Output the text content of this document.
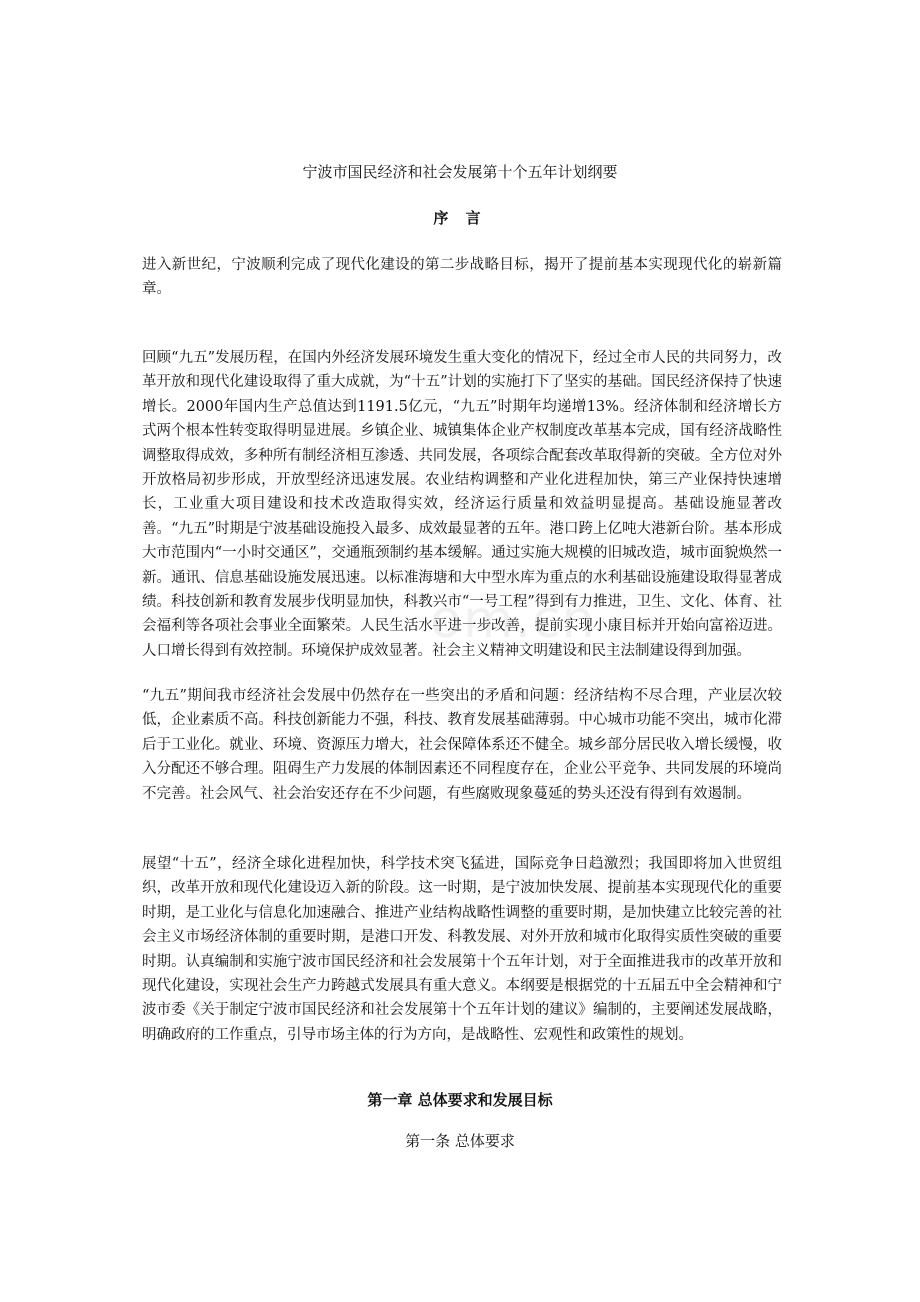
om.cn
宁波市国民经济和社会发展第十个五年计划纲要
序 言

进入新世纪，宁波顺利完成了现代化建设的第二步战略目标，揭开了提前基本实现现代化的崭新篇章。

回顾“九五”发展历程，在国内外经济发展环境发生重大变化的情况下，经过全市人民的共同努力，改革开放和现代化建设取得了重大成就，为“十五”计划的实施打下了坚实的基础。国民经济保持了快速增长。2000年国内生产总值达到1191.5亿元，“九五”时期年均递增13%。经济体制和经济增长方式两个根本性转变取得明显进展。乡镇企业、城镇集体企业产权制度改革基本完成，国有经济战略性调整取得成效，多种所有制经济相互渗透、共同发展，各项综合配套改革取得新的突破。全方位对外开放格局初步形成，开放型经济迅速发展。农业结构调整和产业化进程加快，第三产业保持快速增长，工业重大项目建设和技术改造取得实效，经济运行质量和效益明显提高。基础设施显著改善。“九五”时期是宁波基础设施投入最多、成效最显著的五年。港口跨上亿吨大港新台阶。基本形成大市范围内“一小时交通区”，交通瓶颈制约基本缓解。通过实施大规模的旧城改造，城市面貌焕然一新。通讯、信息基础设施发展迅速。以标准海塘和大中型水库为重点的水利基础设施建设取得显著成绩。科技创新和教育发展步伐明显加快，科教兴市“一号工程”得到有力推进，卫生、文化、体育、社会福利等各项社会事业全面繁荣。人民生活水平进一步改善，提前实现小康目标并开始向富裕迈进。人口增长得到有效控制。环境保护成效显著。社会主义精神文明建设和民主法制建设得到加强。

“九五”期间我市经济社会发展中仍然存在一些突出的矛盾和问题：经济结构不尽合理，产业层次较低，企业素质不高。科技创新能力不强，科技、教育发展基础薄弱。中心城市功能不突出，城市化滞后于工业化。就业、环境、资源压力增大，社会保障体系还不健全。城乡部分居民收入增长缓慢，收入分配还不够合理。阻碍生产力发展的体制因素还不同程度存在，企业公平竞争、共同发展的环境尚不完善。社会风气、社会治安还存在不少问题，有些腐败现象蔓延的势头还没有得到有效遏制。

展望“十五”，经济全球化进程加快，科学技术突飞猛进，国际竞争日趋激烈；我国即将加入世贸组织，改革开放和现代化建设迈入新的阶段。这一时期，是宁波加快发展、提前基本实现现代化的重要时期，是工业化与信息化加速融合、推进产业结构战略性调整的重要时期，是加快建立比较完善的社会主义市场经济体制的重要时期，是港口开发、科教发展、对外开放和城市化取得实质性突破的重要时期。认真编制和实施宁波市国民经济和社会发展第十个五年计划，对于全面推进我市的改革开放和现代化建设，实现社会生产力跨越式发展具有重大意义。本纲要是根据党的十五届五中全会精神和宁波市委《关于制定宁波市国民经济和社会发展第十个五年计划的建议》编制的，主要阐述发展战略，明确政府的工作重点，引导市场主体的行为方向，是战略性、宏观性和政策性的规划。

第一章 总体要求和发展目标
第一条 总体要求
